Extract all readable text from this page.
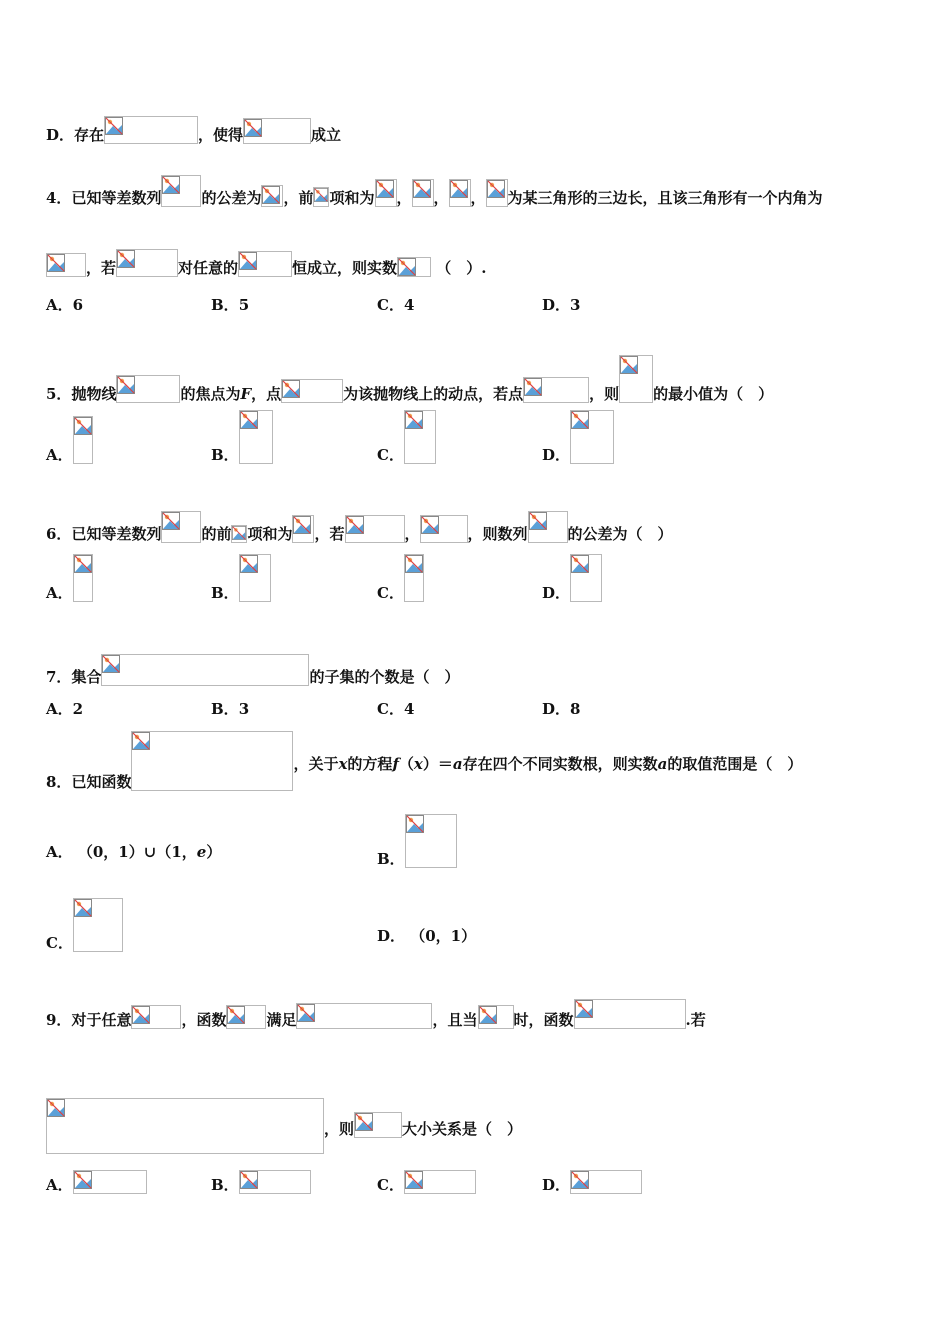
D．存在	，使得	成立
4．已知等差数列	的公差为 ，前 项和为 ， ， ， 为某三角形的三边长，且该三角形有一个内角为
，若	对任意的	恒成立，则实数	（　）.
A．6	B．5	C．4	D．3
5．抛物线	的焦点为F，点	为该抛物线上的动点，若点	，则 的最小值为（　）
A．	B．	C．	D．
6．已知等差数列	的前 项和为 ，若	，	，则数列	的公差为（　）
A．	B．	C．	D．
7．集合	的子集的个数是（　）
A．2	B．3	C．4	D．8
8．已知函数
，关于x的方程f（x）＝a存在四个不同实数根，则实数a的取值范围是（　）
A． （0，1）∪（1，e）	B．
C．	D． （0，1）
9．对于任意	，函数	满足	，且当 时，函数	.若
，则	大小关系是（　）
A．	B．	C．	D．
